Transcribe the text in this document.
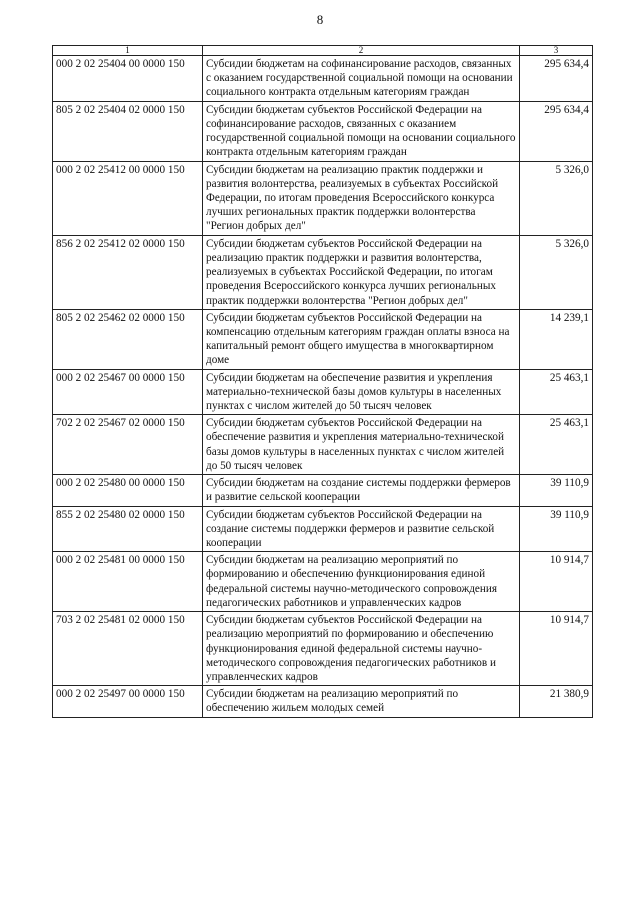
8
1	2	3
000 2 02 25404 00 0000 150	Субсидии бюджетам на софинансирование расходов, связанных с оказанием государственной социальной помощи на основании социального контракта отдельным категориям граждан	295 634,4
805 2 02 25404 02 0000 150	Субсидии бюджетам субъектов Российской Федерации на софинансирование расходов, связанных с оказанием государственной социальной помощи на основании социального контракта отдельным категориям граждан	295 634,4
000 2 02 25412 00 0000 150	Субсидии бюджетам на реализацию практик поддержки и развития волонтерства, реализуемых в субъектах Российской Федерации, по итогам проведения Всероссийского конкурса лучших региональных практик поддержки волонтерства "Регион добрых дел"	5 326,0
856 2 02 25412 02 0000 150	Субсидии бюджетам субъектов Российской Федерации на реализацию практик поддержки и развития волонтерства, реализуемых в субъектах Российской Федерации, по итогам проведения Всероссийского конкурса лучших региональных практик поддержки волонтерства "Регион добрых дел"	5 326,0
805 2 02 25462 02 0000 150	Субсидии бюджетам субъектов Российской Федерации на компенсацию отдельным категориям граждан оплаты взноса на капитальный ремонт общего имущества в многоквартирном доме	14 239,1
000 2 02 25467 00 0000 150	Субсидии бюджетам на обеспечение развития и укрепления материально-технической базы домов культуры в населенных пунктах с числом жителей до 50 тысяч человек	25 463,1
702 2 02 25467 02 0000 150	Субсидии бюджетам субъектов Российской Федерации на обеспечение развития и укрепления материально-технической базы домов культуры в населенных пунктах с числом жителей до 50 тысяч человек	25 463,1
000 2 02 25480 00 0000 150	Субсидии бюджетам на создание системы поддержки фермеров и развитие сельской кооперации	39 110,9
855 2 02 25480 02 0000 150	Субсидии бюджетам субъектов Российской Федерации на создание системы поддержки фермеров и развитие сельской кооперации	39 110,9
000 2 02 25481 00 0000 150	Субсидии бюджетам на реализацию мероприятий по формированию и обеспечению функционирования единой федеральной системы научно-методического сопровождения педагогических работников и управленческих кадров	10 914,7
703 2 02 25481 02 0000 150	Субсидии бюджетам субъектов Российской Федерации на реализацию мероприятий по формированию и обеспечению функционирования единой федеральной системы научно-методического сопровождения педагогических работников и управленческих кадров	10 914,7
000 2 02 25497 00 0000 150	Субсидии бюджетам на реализацию мероприятий по обеспечению жильем молодых семей	21 380,9
